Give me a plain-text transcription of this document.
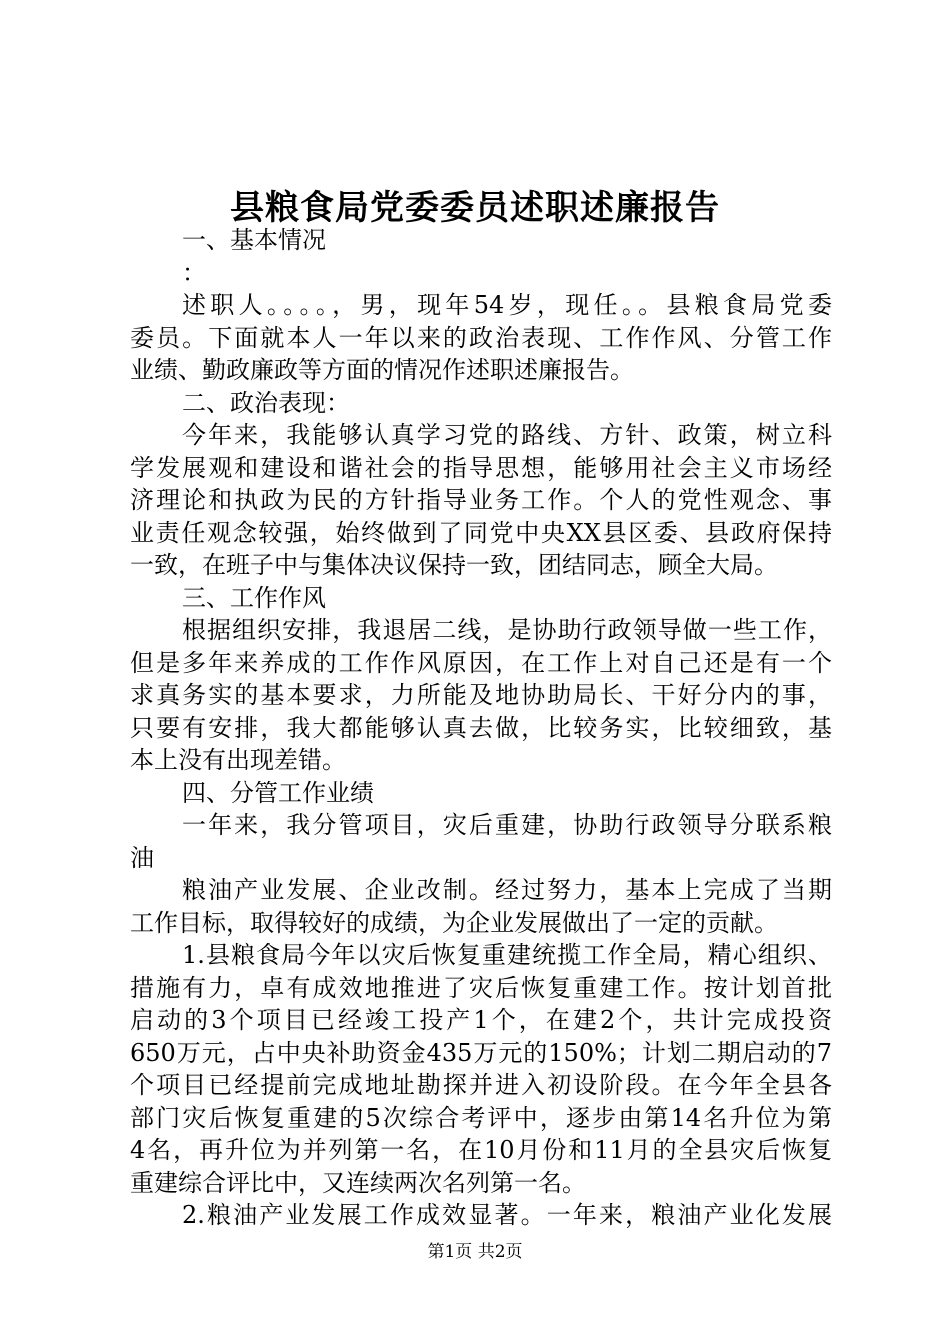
县粮食局党委委员述职述廉报告
一、基本情况
：
述职人。。。。，男，现年54岁，现任。。县粮食局党委
委员。下面就本人一年以来的政治表现、工作作风、分管工作
业绩、勤政廉政等方面的情况作述职述廉报告。
二、政治表现：
今年来，我能够认真学习党的路线、方针、政策，树立科
学发展观和建设和谐社会的指导思想，能够用社会主义市场经
济理论和执政为民的方针指导业务工作。个人的党性观念、事
业责任观念较强，始终做到了同党中央XX县区委、县政府保持
一致，在班子中与集体决议保持一致，团结同志，顾全大局。
三、工作作风
根据组织安排，我退居二线，是协助行政领导做一些工作，
但是多年来养成的工作作风原因，在工作上对自己还是有一个
求真务实的基本要求，力所能及地协助局长、干好分内的事，
只要有安排，我大都能够认真去做，比较务实，比较细致，基
本上没有出现差错。
四、分管工作业绩
一年来，我分管项目，灾后重建，协助行政领导分联系粮
油
粮油产业发展、企业改制。经过努力，基本上完成了当期
工作目标，取得较好的成绩，为企业发展做出了一定的贡献。
1.县粮食局今年以灾后恢复重建统揽工作全局，精心组织、
措施有力，卓有成效地推进了灾后恢复重建工作。按计划首批
启动的3个项目已经竣工投产1个，在建2个，共计完成投资
650万元，占中央补助资金435万元的150%；计划二期启动的7
个项目已经提前完成地址勘探并进入初设阶段。在今年全县各
部门灾后恢复重建的5次综合考评中，逐步由第14名升位为第
4名，再升位为并列第一名，在10月份和11月的全县灾后恢复
重建综合评比中，又连续两次名列第一名。
2.粮油产业发展工作成效显著。一年来，粮油产业化发展
第1页 共2页
